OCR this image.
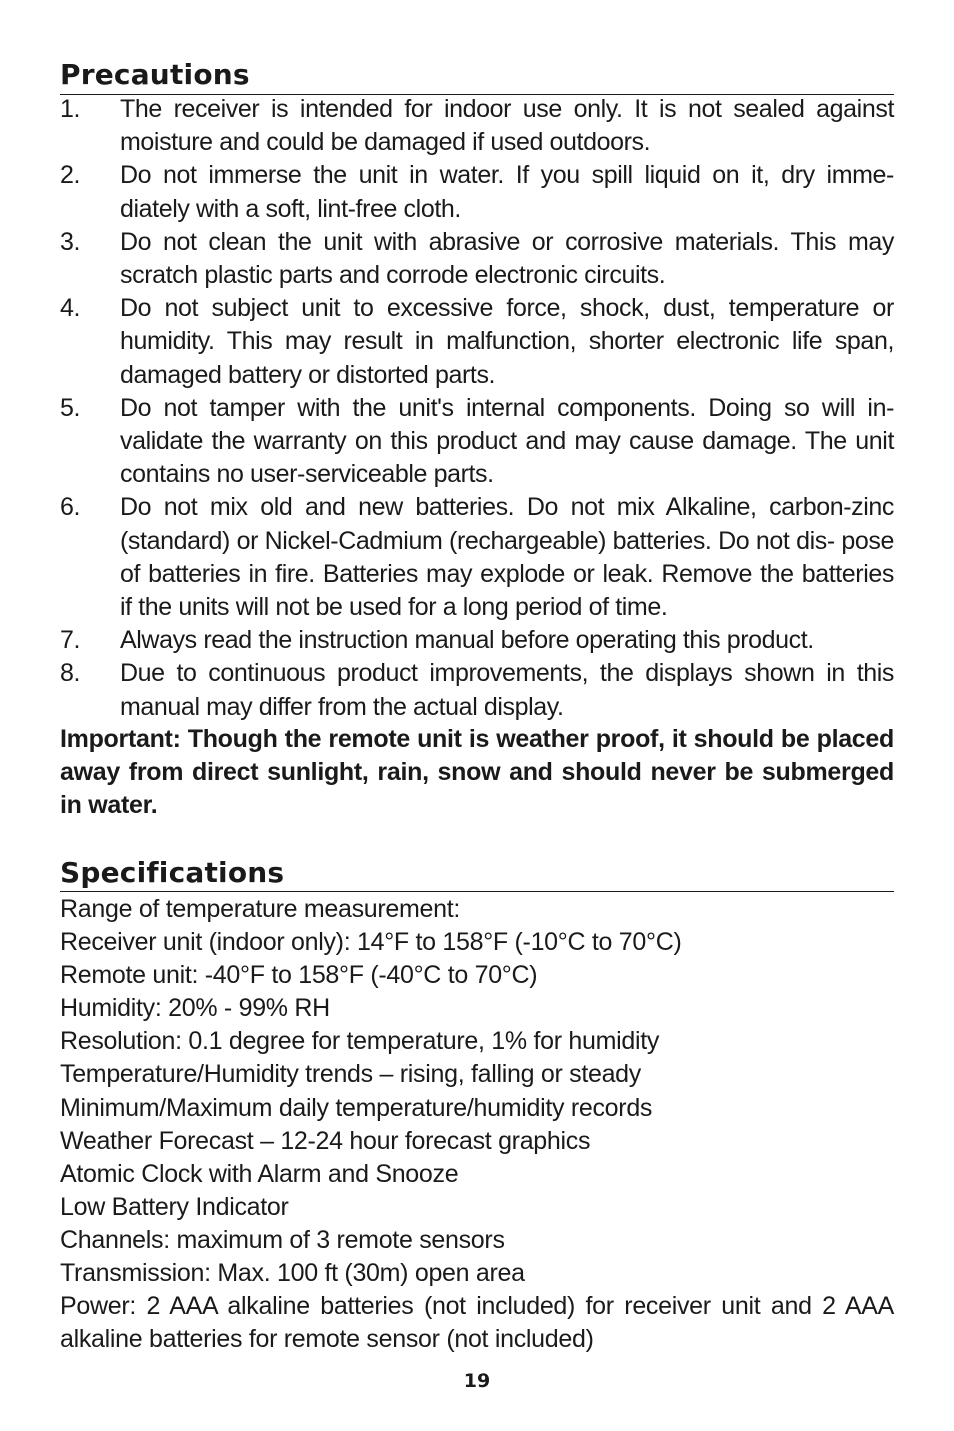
Precautions
1. The receiver is intended for indoor use only. It is not sealed against moisture and could be damaged if used outdoors.
2. Do not immerse the unit in water. If you spill liquid on it, dry imme- diately with a soft, lint-free cloth.
3. Do not clean the unit with abrasive or corrosive materials. This may scratch plastic parts and corrode electronic circuits.
4. Do not subject unit to excessive force, shock, dust, temperature or humidity. This may result in malfunction, shorter electronic life span, damaged battery or distorted parts.
5. Do not tamper with the unit's internal components. Doing so will in- validate the warranty on this product and may cause damage. The unit contains no user-serviceable parts.
6. Do not mix old and new batteries. Do not mix Alkaline, carbon-zinc (standard) or Nickel-Cadmium (rechargeable) batteries. Do not dis- pose of batteries in fire. Batteries may explode or leak. Remove the batteries if the units will not be used for a long period of time.
7. Always read the instruction manual before operating this product.
8. Due to continuous product improvements, the displays shown in this manual may differ from the actual display.

Important: Though the remote unit is weather proof, it should be placed away from direct sunlight, rain, snow and should never be submerged in water.

Specifications
Range of temperature measurement:
Receiver unit (indoor only): 14°F to 158°F (-10°C to 70°C)
Remote unit: -40°F to 158°F (-40°C to 70°C)
Humidity: 20% - 99% RH
Resolution: 0.1 degree for temperature, 1% for humidity
Temperature/Humidity trends – rising, falling or steady
Minimum/Maximum daily temperature/humidity records
Weather Forecast – 12-24 hour forecast graphics
Atomic Clock with Alarm and Snooze
Low Battery Indicator
Channels: maximum of 3 remote sensors
Transmission: Max. 100 ft (30m) open area
Power: 2 AAA alkaline batteries (not included) for receiver unit and 2 AAA alkaline batteries for remote sensor (not included)
19
